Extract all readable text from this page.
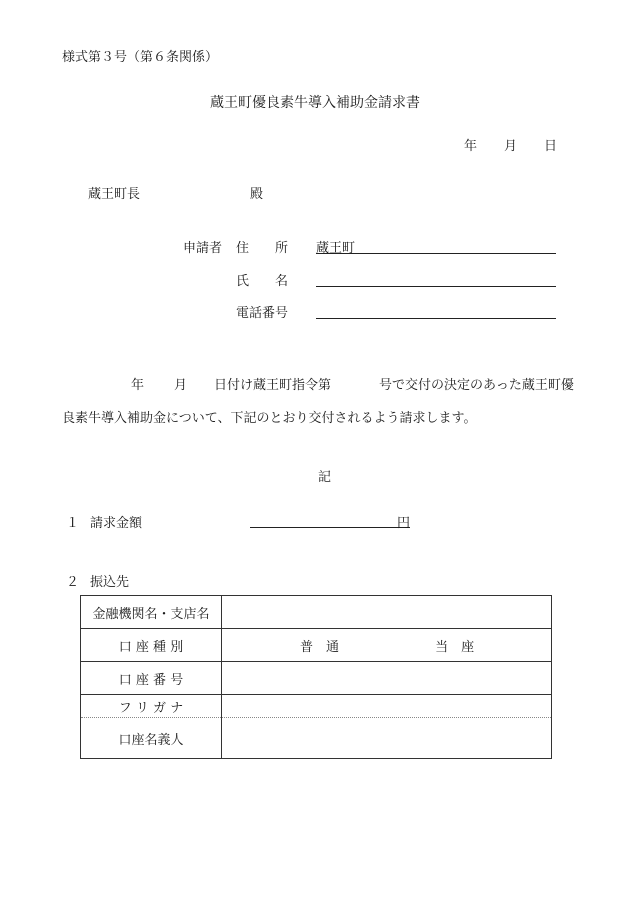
様式第３号（第６条関係）
蔵王町優良素牛導入補助金請求書
年 月 日
蔵王町長	殿
申請者 住　　所 蔵王町
氏　　名
電話番号
年 月 日付け蔵王町指令第	号で交付の決定のあった蔵王町優
良素牛導入補助金について、下記のとおり交付されるよう請求します。
記
１ 請求金額	円
２ 振込先
金融機関名・支店名	
口 座 種 別	普　通 当　座
口 座 番 号	
フ リ ガ ナ	
口座名義人	
